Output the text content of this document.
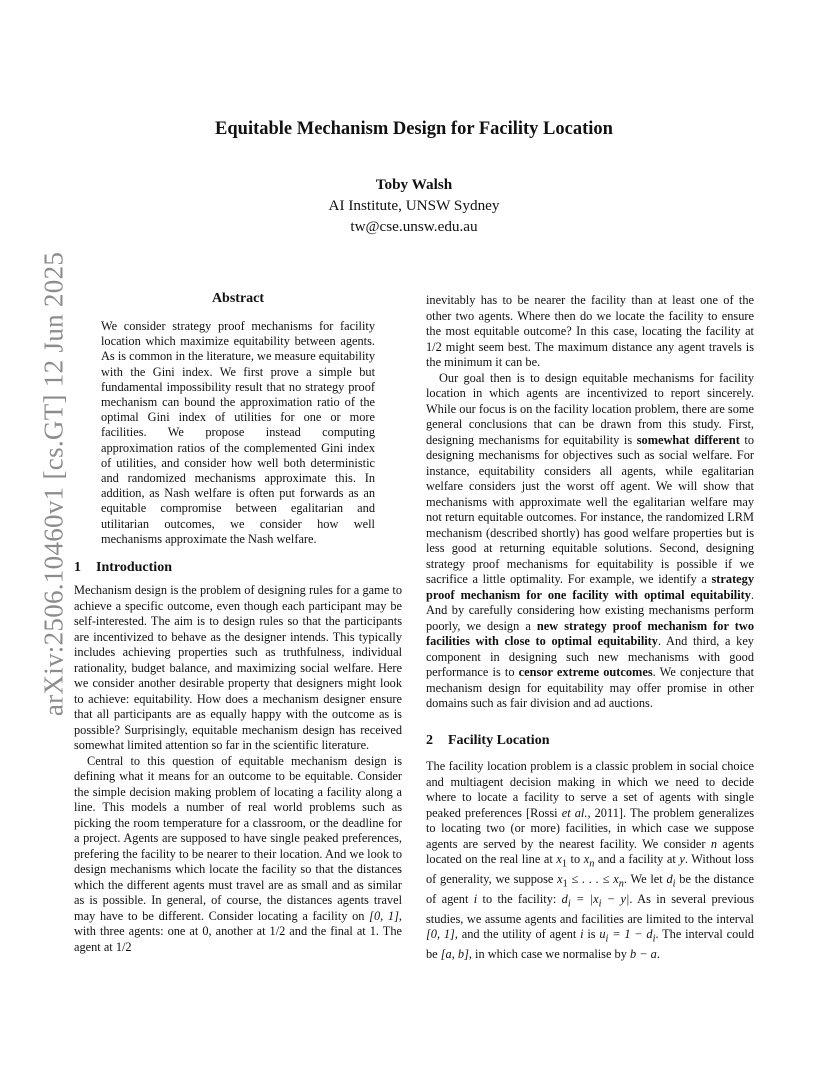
arXiv:2506.10460v1 [cs.GT] 12 Jun 2025
Equitable Mechanism Design for Facility Location
Toby Walsh
AI Institute, UNSW Sydney
tw@cse.unsw.edu.au
Abstract
We consider strategy proof mechanisms for facility location which maximize equitability between agents. As is common in the literature, we measure equitability with the Gini index. We first prove a simple but fundamental impossibility result that no strategy proof mechanism can bound the approximation ratio of the optimal Gini index of utilities for one or more facilities. We propose instead computing approximation ratios of the complemented Gini index of utilities, and consider how well both deterministic and randomized mechanisms approximate this. In addition, as Nash welfare is often put forwards as an equitable compromise between egalitarian and utilitarian outcomes, we consider how well mechanisms approximate the Nash welfare.
1 Introduction

Mechanism design is the problem of designing rules for a game to achieve a specific outcome, even though each participant may be self-interested. The aim is to design rules so that the participants are incentivized to behave as the designer intends. This typically includes achieving properties such as truthfulness, individual rationality, budget balance, and maximizing social welfare. Here we consider another desirable property that designers might look to achieve: equitability. How does a mechanism designer ensure that all participants are as equally happy with the outcome as is possible? Surprisingly, equitable mechanism design has received somewhat limited attention so far in the scientific literature.

Central to this question of equitable mechanism design is defining what it means for an outcome to be equitable. Consider the simple decision making problem of locating a facility along a line. This models a number of real world problems such as picking the room temperature for a classroom, or the deadline for a project. Agents are supposed to have single peaked preferences, prefering the facility to be nearer to their location. And we look to design mechanisms which locate the facility so that the distances which the different agents must travel are as small and as similar as is possible. In general, of course, the distances agents travel may have to be different. Consider locating a facility on [0, 1], with three agents: one at 0, another at 1/2 and the final at 1. The agent at 1/2

inevitably has to be nearer the facility than at least one of the other two agents. Where then do we locate the facility to ensure the most equitable outcome? In this case, locating the facility at 1/2 might seem best. The maximum distance any agent travels is the minimum it can be.

Our goal then is to design equitable mechanisms for facility location in which agents are incentivized to report sincerely. While our focus is on the facility location problem, there are some general conclusions that can be drawn from this study. First, designing mechanisms for equitability is somewhat different to designing mechanisms for objectives such as social welfare. For instance, equitability considers all agents, while egalitarian welfare considers just the worst off agent. We will show that mechanisms with approximate well the egalitarian welfare may not return equitable outcomes. For instance, the randomized LRM mechanism (described shortly) has good welfare properties but is less good at returning equitable solutions. Second, designing strategy proof mechanisms for equitability is possible if we sacrifice a little optimality. For example, we identify a strategy proof mechanism for one facility with optimal equitability. And by carefully considering how existing mechanisms perform poorly, we design a new strategy proof mechanism for two facilities with close to optimal equitability. And third, a key component in designing such new mechanisms with good performance is to censor extreme outcomes. We conjecture that mechanism design for equitability may offer promise in other domains such as fair division and ad auctions.

2 Facility Location

The facility location problem is a classic problem in social choice and multiagent decision making in which we need to decide where to locate a facility to serve a set of agents with single peaked preferences [Rossi et al., 2011]. The problem generalizes to locating two (or more) facilities, in which case we suppose agents are served by the nearest facility. We consider n agents located on the real line at $x_1$ to $x_n$ and a facility at y. Without loss of generality, we suppose $x_1$ ≤ . . . ≤ $x_n$. We let $d_i$ be the distance of agent i to the facility: $d_i = |x_i - y|$. As in several previous studies, we assume agents and facilities are limited to the interval [0, 1], and the utility of agent i is $u_i = 1 - d_i$. The interval could be [a, b], in which case we normalise by b − a.
